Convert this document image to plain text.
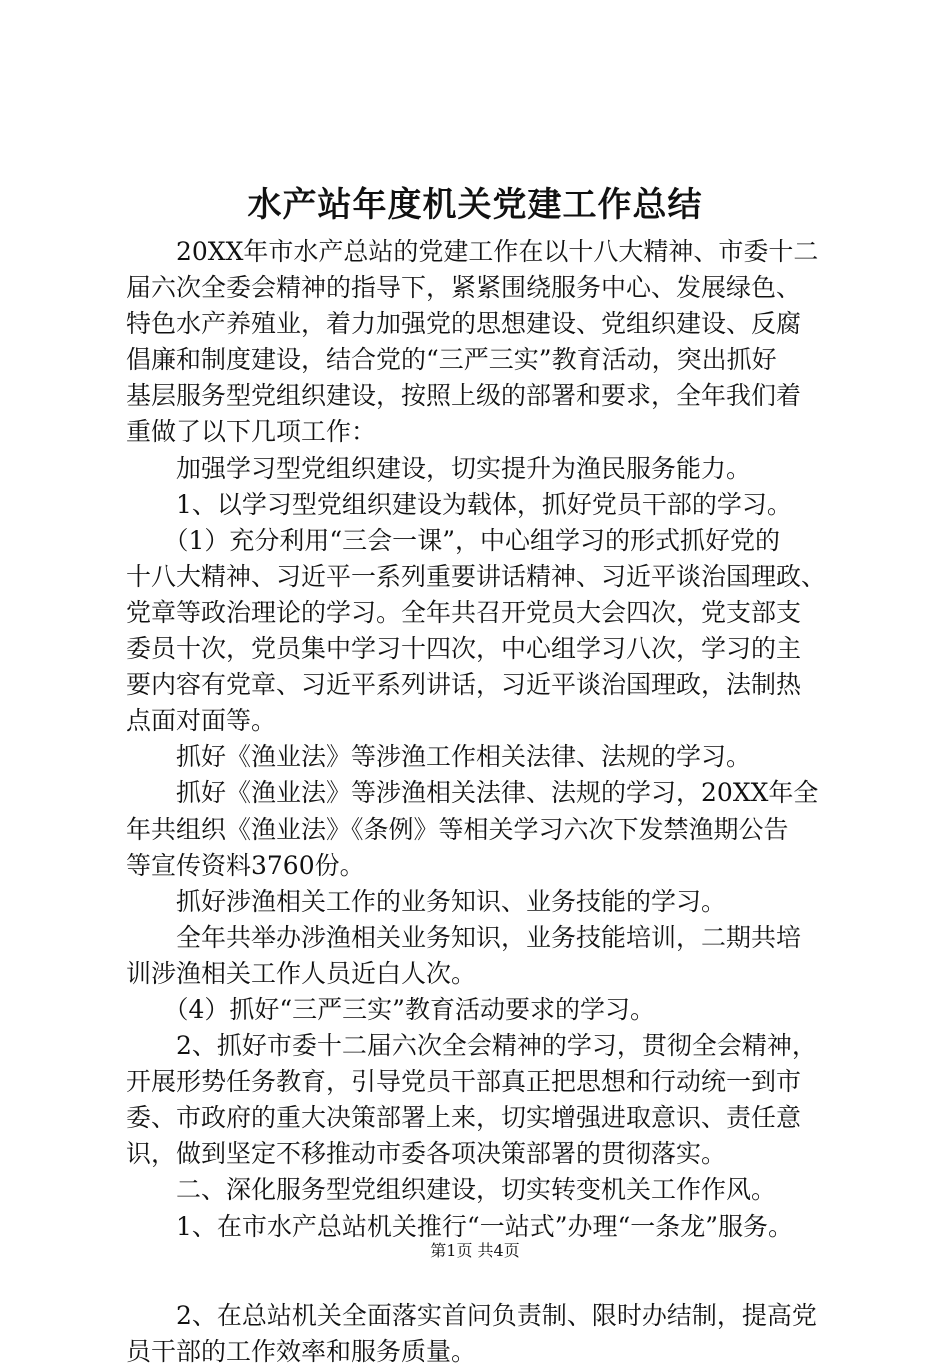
水产站年度机关党建工作总结
　　20XX年市水产总站的党建工作在以十八大精神、市委十二
届六次全委会精神的指导下，紧紧围绕服务中心、发展绿色、
特色水产养殖业，着力加强党的思想建设、党组织建设、反腐
倡廉和制度建设，结合党的“三严三实”教育活动，突出抓好
基层服务型党组织建设，按照上级的部署和要求，全年我们着
重做了以下几项工作：
　　加强学习型党组织建设，切实提升为渔民服务能力。
　　1、以学习型党组织建设为载体，抓好党员干部的学习。
　　（1）充分利用“三会一课”，中心组学习的形式抓好党的
十八大精神、习近平一系列重要讲话精神、习近平谈治国理政、
党章等政治理论的学习。全年共召开党员大会四次，党支部支
委员十次，党员集中学习十四次，中心组学习八次，学习的主
要内容有党章、习近平系列讲话，习近平谈治国理政，法制热
点面对面等。
　　抓好《渔业法》等涉渔工作相关法律、法规的学习。
　　抓好《渔业法》等涉渔相关法律、法规的学习，20XX年全
年共组织《渔业法》《条例》等相关学习六次下发禁渔期公告
等宣传资料3760份。
　　抓好涉渔相关工作的业务知识、业务技能的学习。
　　全年共举办涉渔相关业务知识，业务技能培训，二期共培
训涉渔相关工作人员近白人次。
　　（4）抓好“三严三实”教育活动要求的学习。
　　2、抓好市委十二届六次全会精神的学习，贯彻全会精神，
开展形势任务教育，引导党员干部真正把思想和行动统一到市
委、市政府的重大决策部署上来，切实增强进取意识、责任意
识，做到坚定不移推动市委各项决策部署的贯彻落实。
　　二、深化服务型党组织建设，切实转变机关工作作风。
　　1、在市水产总站机关推行“一站式”办理“一条龙”服务。
　　2、在总站机关全面落实首问负责制、限时办结制，提高党
员干部的工作效率和服务质量。
第1页 共4页
